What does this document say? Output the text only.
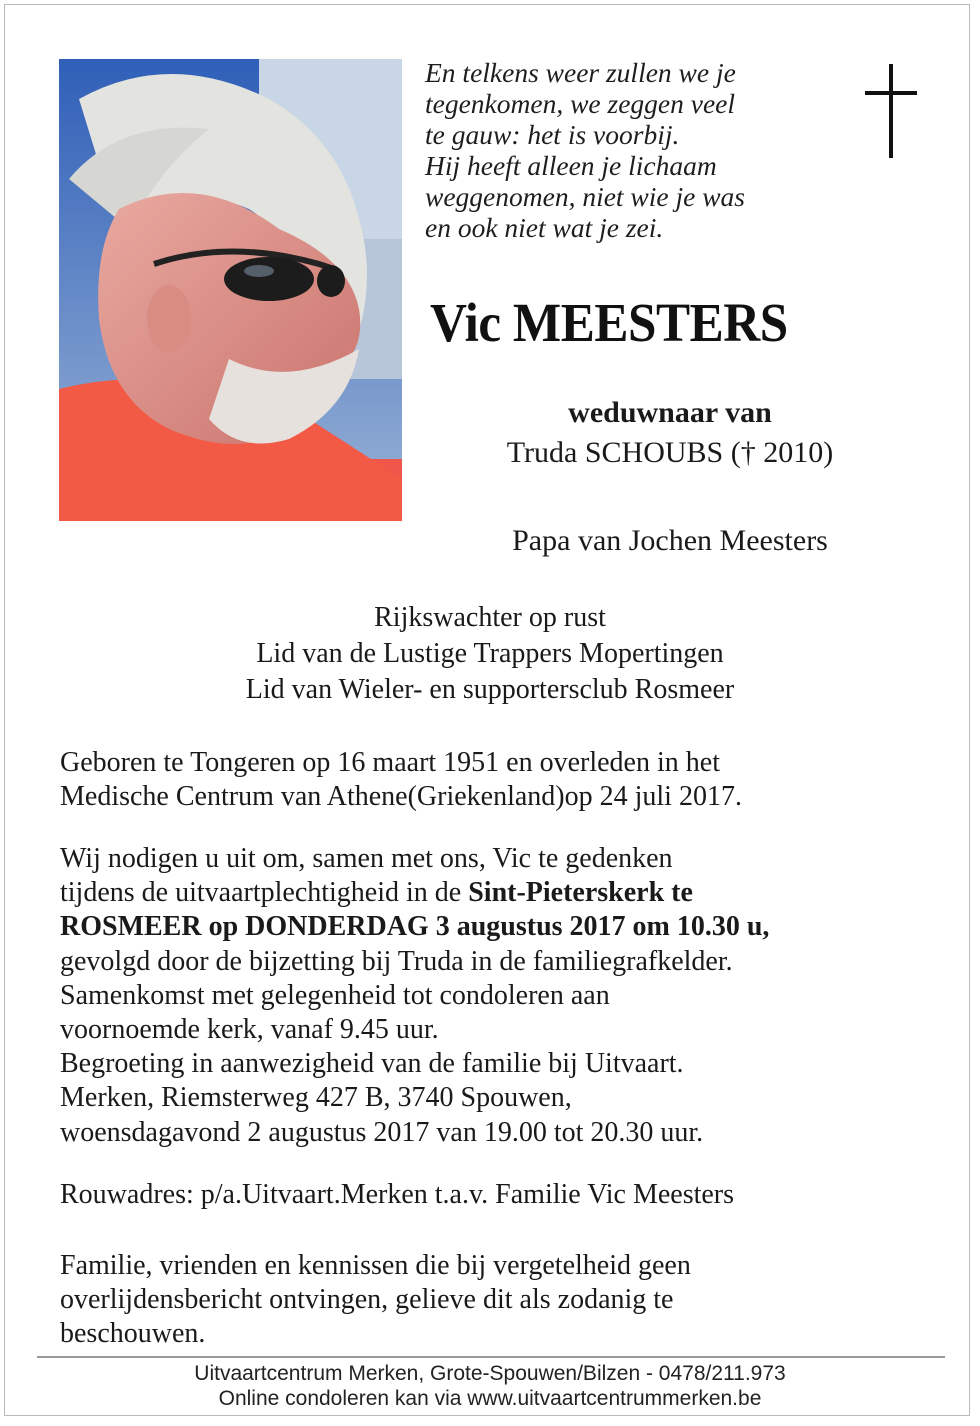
En telkens weer zullen we je
tegenkomen, we zeggen veel
te gauw: het is voorbij.
Hij heeft alleen je lichaam
weggenomen, niet wie je was
en ook niet wat je zei.
Vic MEESTERS
weduwnaar van
Truda SCHOUBS († 2010)
Papa van Jochen Meesters
Rijkswachter op rust
Lid van de Lustige Trappers Mopertingen
Lid van Wieler- en supportersclub Rosmeer
Geboren te Tongeren op 16 maart 1951 en overleden in het
Medische Centrum van Athene(Griekenland)op 24 juli 2017.
Wij nodigen u uit om, samen met ons, Vic te gedenken
tijdens de uitvaartplechtigheid in de Sint-Pieterskerk te
ROSMEER op DONDERDAG 3 augustus 2017 om 10.30 u,
gevolgd door de bijzetting bij Truda in de familiegrafkelder.
Samenkomst met gelegenheid tot condoleren aan
voornoemde kerk, vanaf 9.45 uur.
Begroeting in aanwezigheid van de familie bij Uitvaart.
Merken, Riemsterweg 427 B, 3740 Spouwen,
woensdagavond 2 augustus 2017 van 19.00 tot 20.30 uur.
Rouwadres: p/a.Uitvaart.Merken t.a.v. Familie Vic Meesters
Familie, vrienden en kennissen die bij vergetelheid geen
overlijdensbericht ontvingen, gelieve dit als zodanig te
beschouwen.
Uitvaartcentrum Merken, Grote-Spouwen/Bilzen - 0478/211.973
Online condoleren kan via www.uitvaartcentrummerken.be
